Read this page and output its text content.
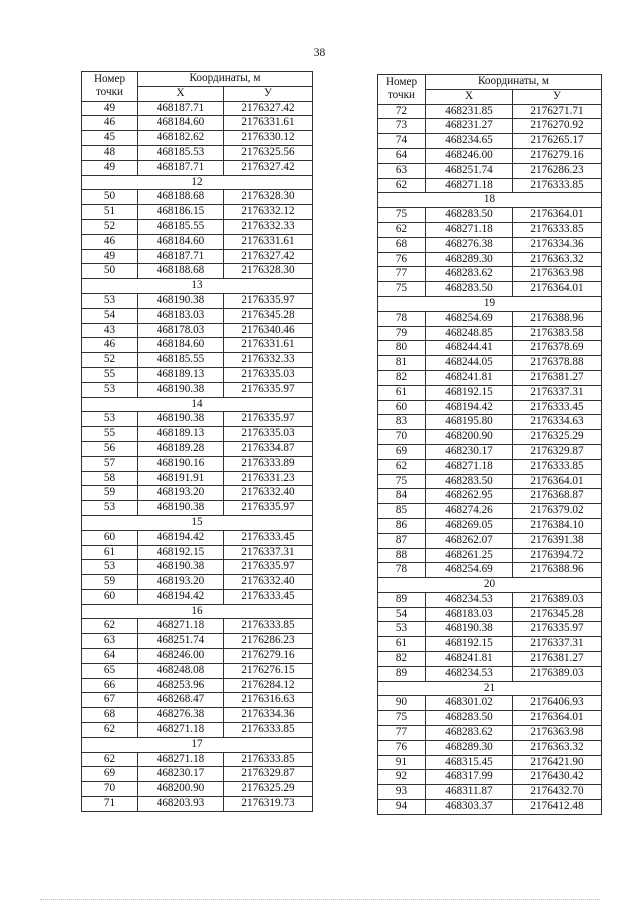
38
Номер
точки	Координаты, м	
	Х	У
49	468187.71	2176327.42
46	468184.60	2176331.61
45	468182.62	2176330.12
48	468185.53	2176325.56
49	468187.71	2176327.42
12		
50	468188.68	2176328.30
51	468186.15	2176332.12
52	468185.55	2176332.33
46	468184.60	2176331.61
49	468187.71	2176327.42
50	468188.68	2176328.30
13		
53	468190.38	2176335.97
54	468183.03	2176345.28
43	468178.03	2176340.46
46	468184.60	2176331.61
52	468185.55	2176332.33
55	468189.13	2176335.03
53	468190.38	2176335.97
14		
53	468190.38	2176335.97
55	468189.13	2176335.03
56	468189.28	2176334.87
57	468190.16	2176333.89
58	468191.91	2176331.23
59	468193.20	2176332.40
53	468190.38	2176335.97
15		
60	468194.42	2176333.45
61	468192.15	2176337.31
53	468190.38	2176335.97
59	468193.20	2176332.40
60	468194.42	2176333.45
16		
62	468271.18	2176333.85
63	468251.74	2176286.23
64	468246.00	2176279.16
65	468248.08	2176276.15
66	468253.96	2176284.12
67	468268.47	2176316.63
68	468276.38	2176334.36
62	468271.18	2176333.85
17		
62	468271.18	2176333.85
69	468230.17	2176329.87
70	468200.90	2176325.29
71	468203.93	2176319.73
Номер
точки	Координаты, м	
	Х	У
72	468231.85	2176271.71
73	468231.27	2176270.92
74	468234.65	2176265.17
64	468246.00	2176279.16
63	468251.74	2176286.23
62	468271.18	2176333.85
18		
75	468283.50	2176364.01
62	468271.18	2176333.85
68	468276.38	2176334.36
76	468289.30	2176363.32
77	468283.62	2176363.98
75	468283.50	2176364.01
19		
78	468254.69	2176388.96
79	468248.85	2176383.58
80	468244.41	2176378.69
81	468244.05	2176378.88
82	468241.81	2176381.27
61	468192.15	2176337.31
60	468194.42	2176333.45
83	468195.80	2176334.63
70	468200.90	2176325.29
69	468230.17	2176329.87
62	468271.18	2176333.85
75	468283.50	2176364.01
84	468262.95	2176368.87
85	468274.26	2176379.02
86	468269.05	2176384.10
87	468262.07	2176391.38
88	468261.25	2176394.72
78	468254.69	2176388.96
20		
89	468234.53	2176389.03
54	468183.03	2176345.28
53	468190.38	2176335.97
61	468192.15	2176337.31
82	468241.81	2176381.27
89	468234.53	2176389.03
21		
90	468301.02	2176406.93
75	468283.50	2176364.01
77	468283.62	2176363.98
76	468289.30	2176363.32
91	468315.45	2176421.90
92	468317.99	2176430.42
93	468311.87	2176432.70
94	468303.37	2176412.48
